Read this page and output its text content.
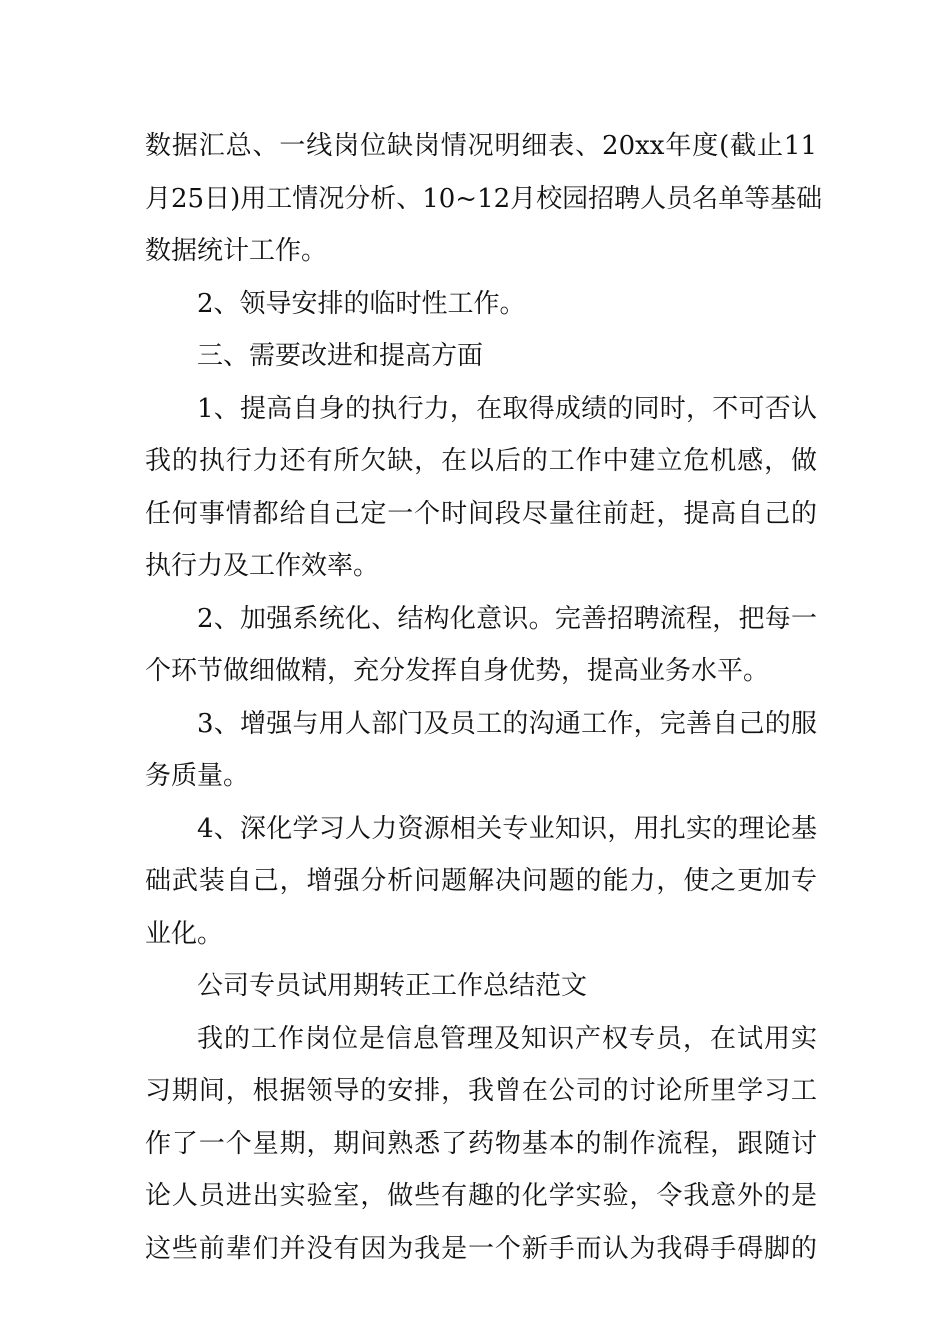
数据汇总、一线岗位缺岗情况明细表、20xx年度(截止11
月25日)用工情况分析、10~12月校园招聘人员名单等基础
数据统计工作。
2、领导安排的临时性工作。
三、需要改进和提高方面
1、提高自身的执行力，在取得成绩的同时，不可否认
我的执行力还有所欠缺，在以后的工作中建立危机感，做
任何事情都给自己定一个时间段尽量往前赶，提高自己的
执行力及工作效率。
2、加强系统化、结构化意识。完善招聘流程，把每一
个环节做细做精，充分发挥自身优势，提高业务水平。
3、增强与用人部门及员工的沟通工作，完善自己的服
务质量。
4、深化学习人力资源相关专业知识，用扎实的理论基
础武装自己，增强分析问题解决问题的能力，使之更加专
业化。
公司专员试用期转正工作总结范文
我的工作岗位是信息管理及知识产权专员，在试用实
习期间，根据领导的安排，我曾在公司的讨论所里学习工
作了一个星期，期间熟悉了药物基本的制作流程，跟随讨
论人员进出实验室，做些有趣的化学实验，令我意外的是
这些前辈们并没有因为我是一个新手而认为我碍手碍脚的
